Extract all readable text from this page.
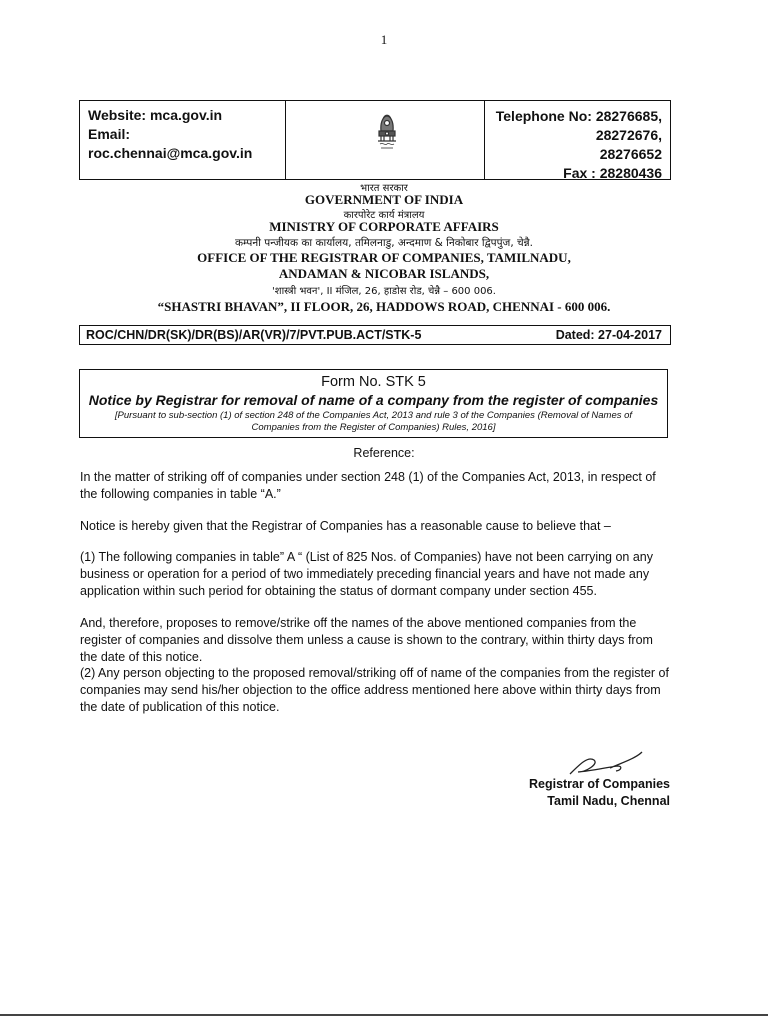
1
Website: mca.gov.in
Email:
roc.chennai@mca.gov.in
Telephone No: 28276685,
28272676,
28276652
Fax : 28280436
भारत सरकार
GOVERNMENT OF INDIA
कारपोरेट कार्य मंत्रालय
MINISTRY OF CORPORATE AFFAIRS
कम्पनी पन्जीयक का कार्यालय, तमिलनाडु, अन्दमाण & निकोबार द्विपपुंज, चेन्नै.
OFFICE OF THE REGISTRAR OF COMPANIES, TAMILNADU,
ANDAMAN & NICOBAR ISLANDS,
'शास्त्री भवन', II मंजिल, 26, हाडोस रोड, चेन्नै – 600 006.
“SHASTRI BHAVAN”, II FLOOR, 26, HADDOWS ROAD, CHENNAI - 600 006.
ROC/CHN/DR(SK)/DR(BS)/AR(VR)/7/PVT.PUB.ACT/STK-5	Dated: 27-04-2017
Form No. STK 5
Notice by Registrar for removal of name of a company from the register of companies
[Pursuant to sub-section (1) of section 248 of the Companies Act, 2013 and rule 3 of the Companies (Removal of Names of Companies from the Register of Companies) Rules, 2016]
Reference:
In the matter of striking off of companies under section 248 (1) of the Companies Act, 2013, in respect of the following companies in table “A.”
Notice is hereby given that the Registrar of Companies has a reasonable cause to believe that –
(1) The following companies in table” A “ (List of 825 Nos. of Companies) have not been carrying on any business or operation for a period of two immediately preceding financial years and have not made any application within such period for obtaining the status of dormant company under section 455.
And, therefore, proposes to remove/strike off the names of the above mentioned companies from the register of companies and dissolve them unless a cause is shown to the contrary, within thirty days from the date of this notice.
(2) Any person objecting to the proposed removal/striking off of name of the companies from the register of companies may send his/her objection to the office address mentioned here above within thirty days from the date of publication of this notice.
Registrar of Companies
Tamil Nadu, Chennal
